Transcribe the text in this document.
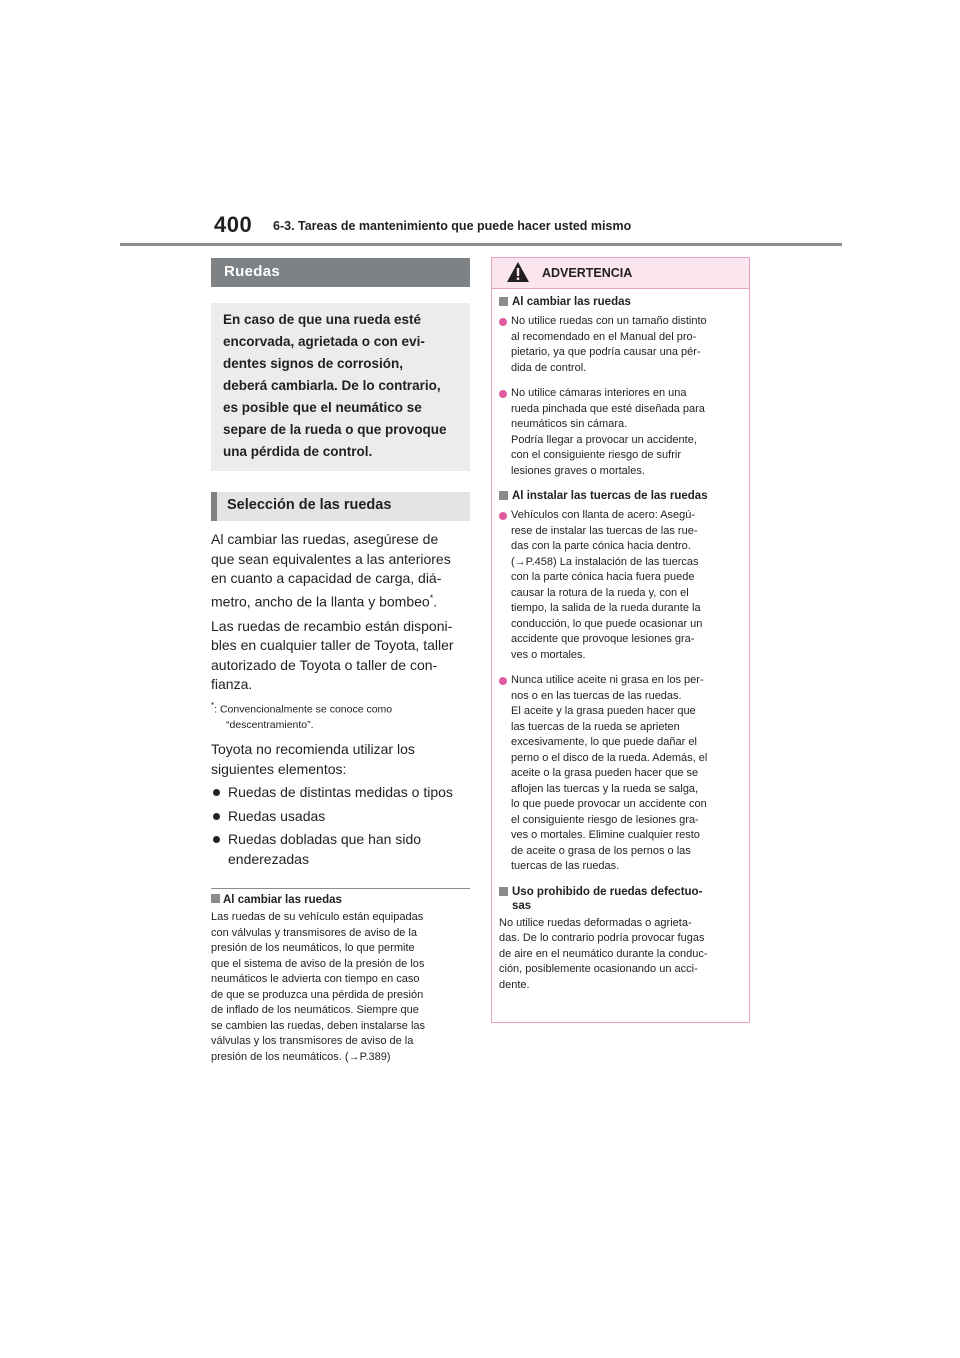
400 6-3. Tareas de mantenimiento que puede hacer usted mismo
Ruedas
En caso de que una rueda esté
encorvada, agrietada o con evi-
dentes signos de corrosión,
deberá cambiarla. De lo contrario,
es posible que el neumático se
separe de la rueda o que provoque
una pérdida de control.
Selección de las ruedas
Al cambiar las ruedas, asegúrese de
que sean equivalentes a las anteriores
en cuanto a capacidad de carga, diá-
metro, ancho de la llanta y bombeo*.
Las ruedas de recambio están disponi-
bles en cualquier taller de Toyota, taller
autorizado de Toyota o taller de con-
fianza.
*: Convencionalmente se conoce como
“descentramiento”.
Toyota no recomienda utilizar los
siguientes elementos:
Ruedas de distintas medidas o tipos
Ruedas usadas
Ruedas dobladas que han sido enderezadas
Al cambiar las ruedas
Las ruedas de su vehículo están equipadas
con válvulas y transmisores de aviso de la
presión de los neumáticos, lo que permite
que el sistema de aviso de la presión de los
neumáticos le advierta con tiempo en caso
de que se produzca una pérdida de presión
de inflado de los neumáticos. Siempre que
se cambien las ruedas, deben instalarse las
válvulas y los transmisores de aviso de la
presión de los neumáticos. (→P.389)
ADVERTENCIA
Al cambiar las ruedas
No utilice ruedas con un tamaño distinto
al recomendado en el Manual del pro-
pietario, ya que podría causar una pér-
dida de control.
No utilice cámaras interiores en una
rueda pinchada que esté diseñada para
neumáticos sin cámara.
Podría llegar a provocar un accidente,
con el consiguiente riesgo de sufrir
lesiones graves o mortales.
Al instalar las tuercas de las ruedas
Vehículos con llanta de acero: Asegú-
rese de instalar las tuercas de las rue-
das con la parte cónica hacia dentro.
(→P.458) La instalación de las tuercas
con la parte cónica hacia fuera puede
causar la rotura de la rueda y, con el
tiempo, la salida de la rueda durante la
conducción, lo que puede ocasionar un
accidente que provoque lesiones gra-
ves o mortales.
Nunca utilice aceite ni grasa en los per-
nos o en las tuercas de las ruedas.
El aceite y la grasa pueden hacer que
las tuercas de la rueda se aprieten
excesivamente, lo que puede dañar el
perno o el disco de la rueda. Además, el
aceite o la grasa pueden hacer que se
aflojen las tuercas y la rueda se salga,
lo que puede provocar un accidente con
el consiguiente riesgo de lesiones gra-
ves o mortales. Elimine cualquier resto
de aceite o grasa de los pernos o las
tuercas de las ruedas.
Uso prohibido de ruedas defectuo-
sas
No utilice ruedas deformadas o agrieta-
das. De lo contrario podría provocar fugas
de aire en el neumático durante la conduc-
ción, posiblemente ocasionando un acci-
dente.
